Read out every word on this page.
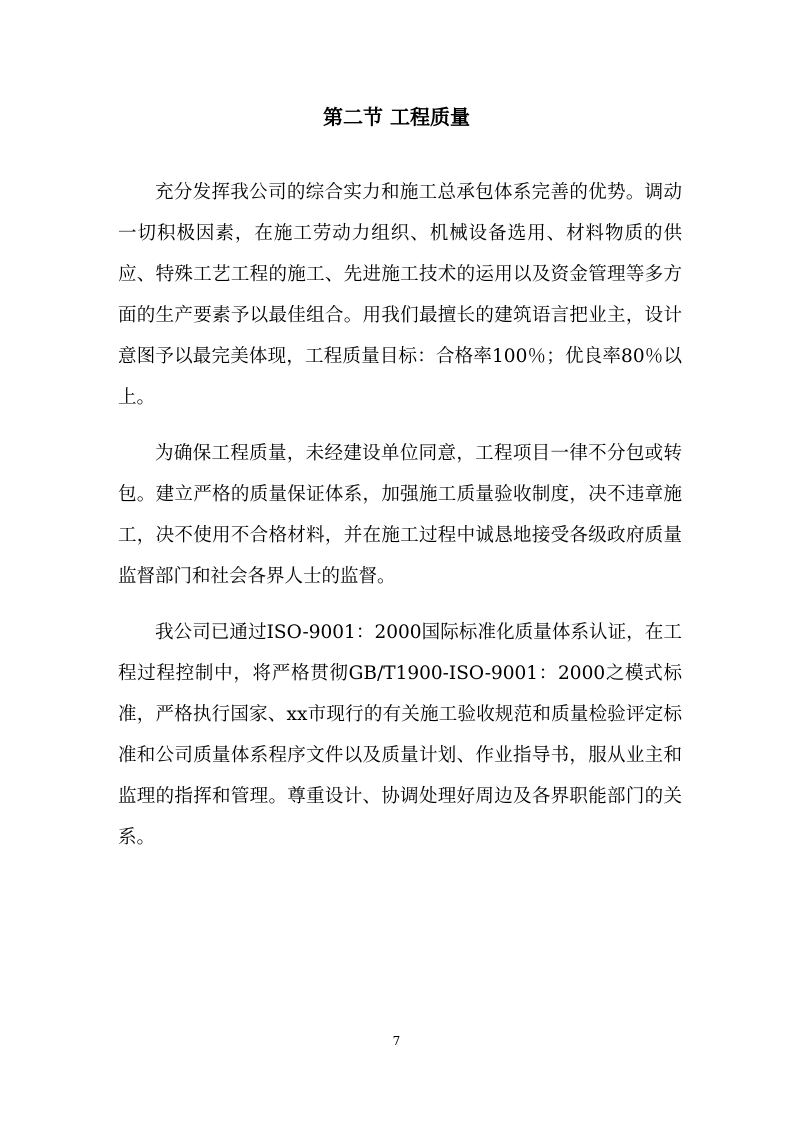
第二节 工程质量

充分发挥我公司的综合实力和施工总承包体系完善的优势。调动一切积极因素，在施工劳动力组织、机械设备选用、材料物质的供应、特殊工艺工程的施工、先进施工技术的运用以及资金管理等多方面的生产要素予以最佳组合。用我们最擅长的建筑语言把业主，设计意图予以最完美体现，工程质量目标：合格率100％；优良率80％以上。

为确保工程质量，未经建设单位同意，工程项目一律不分包或转包。建立严格的质量保证体系，加强施工质量验收制度，决不违章施工，决不使用不合格材料，并在施工过程中诚恳地接受各级政府质量监督部门和社会各界人士的监督。

我公司已通过ISO-9001：2000国际标准化质量体系认证，在工程过程控制中，将严格贯彻GB/T1900-ISO-9001：2000之模式标准，严格执行国家、xx市现行的有关施工验收规范和质量检验评定标准和公司质量体系程序文件以及质量计划、作业指导书，服从业主和监理的指挥和管理。尊重设计、协调处理好周边及各界职能部门的关系。

7
